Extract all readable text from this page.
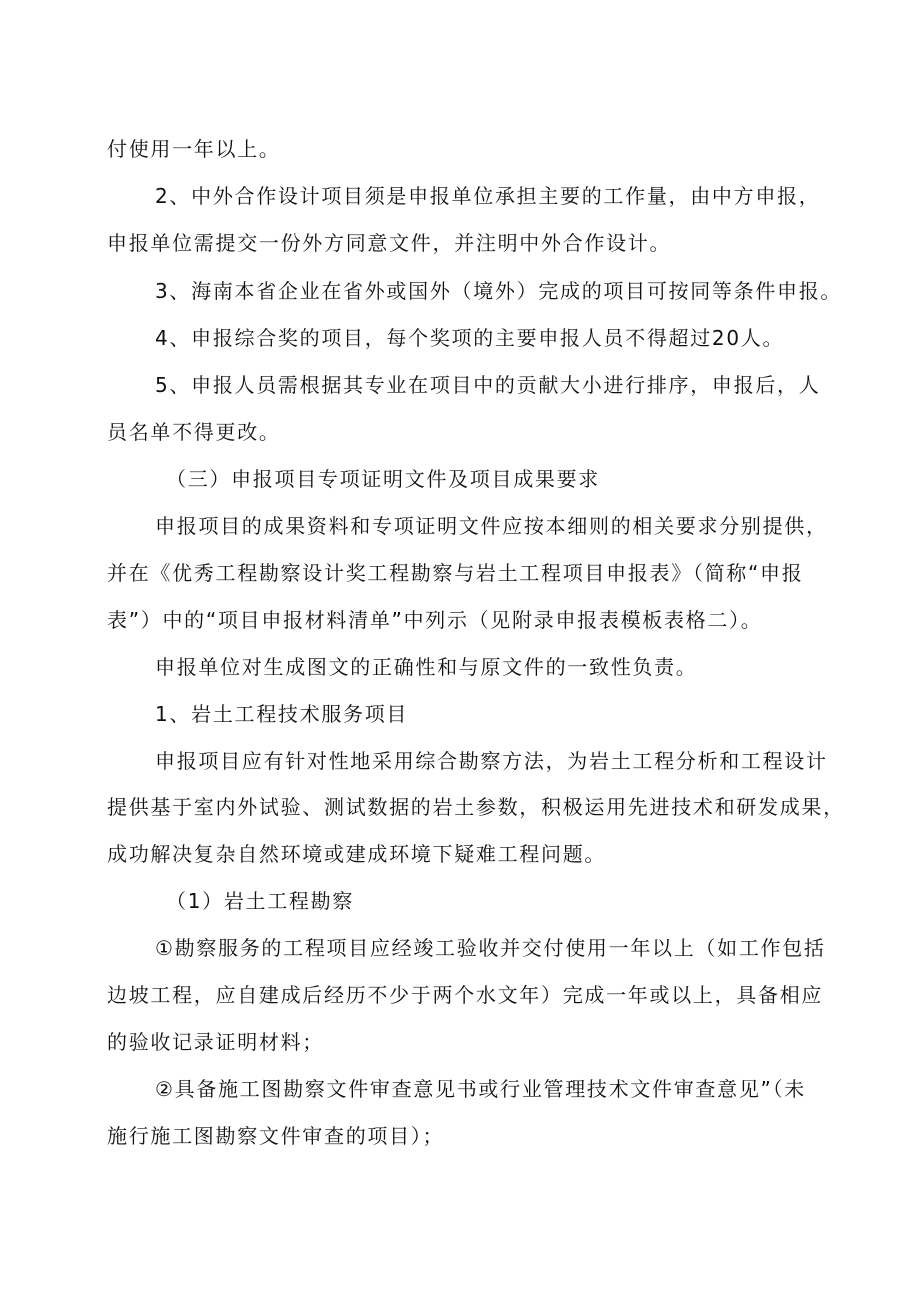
付使用一年以上。
2、中外合作设计项目须是申报单位承担主要的工作量，由中方申报，
申报单位需提交一份外方同意文件，并注明中外合作设计。
3、海南本省企业在省外或国外（境外）完成的项目可按同等条件申报。
4、申报综合奖的项目，每个奖项的主要申报人员不得超过20人。
5、申报人员需根据其专业在项目中的贡献大小进行排序，申报后，人
员名单不得更改。
（三）申报项目专项证明文件及项目成果要求
申报项目的成果资料和专项证明文件应按本细则的相关要求分别提供，
并在《优秀工程勘察设计奖工程勘察与岩土工程项目申报表》（简称“申报
表”）中的“项目申报材料清单”中列示（见附录申报表模板表格二）。
申报单位对生成图文的正确性和与原文件的一致性负责。
1、岩土工程技术服务项目
申报项目应有针对性地采用综合勘察方法，为岩土工程分析和工程设计
提供基于室内外试验、测试数据的岩土参数，积极运用先进技术和研发成果，
成功解决复杂自然环境或建成环境下疑难工程问题。
（1）岩土工程勘察
①勘察服务的工程项目应经竣工验收并交付使用一年以上（如工作包括
边坡工程，应自建成后经历不少于两个水文年）完成一年或以上，具备相应
的验收记录证明材料；
②具备施工图勘察文件审查意见书或行业管理技术文件审查意见”（未
施行施工图勘察文件审查的项目）；
